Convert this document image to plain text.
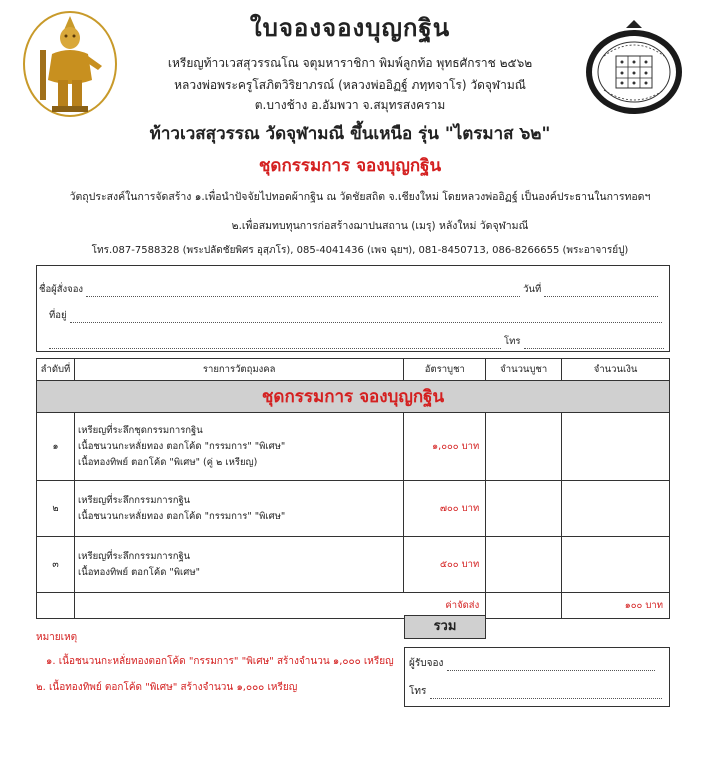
ใบจองจองบุญกฐิน
เหรียญท้าวเวสสุวรรณโณ จตุมหาราชิกา พิมพ์ลูกท้อ พุทธศักราช ๒๕๖๒
หลวงพ่อพระครูโสภิตวิริยาภรณ์ (หลวงพ่ออิฏฐ์ ภทฺทจาโร) วัดจุฬามณี
ต.บางช้าง อ.อัมพวา จ.สมุทรสงคราม
ท้าวเวสสุวรรณ วัดจุฬามณี ขึ้นเหนือ รุ่น "ไตรมาส ๖๒"
ชุดกรรมการ จองบุญกฐิน
วัตถุประสงค์ในการจัดสร้าง ๑.เพื่อนำปัจจัยไปทอดผ้ากฐิน ณ วัดชัยสถิต จ.เชียงใหม่ โดยหลวงพ่ออิฏฐ์ เป็นองค์ประธานในการทอดฯ
๒.เพื่อสมทบทุนการก่อสร้างฌาปนสถาน (เมรุ) หลังใหม่ วัดจุฬามณี
โทร.087-7588328 (พระปลัดชัยพิศร อุสฺภโร), 085-4041436 (เพจ ฉุยฯ), 081-8450713, 086-8266655 (พระอาจารย์ปู)
ชื่อผู้สั่งจอง	วันที่
ที่อยู่
โทร
ลำดับที่	รายการวัตถุมงคล	อัตราบูชา	จำนวนบูชา	จำนวนเงิน
ชุดกรรมการ จองบุญกฐิน				
๑	เหรียญที่ระลึกชุดกรรมการกฐิน
เนื้อชนวนกะหลั่ยทอง ตอกโค้ด "กรรมการ" "พิเศษ"
เนื้อทองทิพย์ ตอกโค้ด "พิเศษ" (คู่ ๒ เหรียญ)	๑,๐๐๐ บาท		
๒	เหรียญที่ระลึกกรรมการกฐิน
เนื้อชนวนกะหลั่ยทอง ตอกโค้ด "กรรมการ" "พิเศษ"	๗๐๐ บาท		
๓	เหรียญที่ระลึกกรรมการกฐิน
เนื้อทองทิพย์ ตอกโค้ด "พิเศษ"	๕๐๐ บาท		
	ค่าจัดส่ง			๑๐๐ บาท
รวม
หมายเหตุ
๑. เนื้อชนวนกะหลั่ยทองตอกโค้ด "กรรมการ" "พิเศษ" สร้างจำนวน ๑,๐๐๐ เหรียญ
๒. เนื้อทองทิพย์ ตอกโค้ด "พิเศษ" สร้างจำนวน ๑,๐๐๐ เหรียญ
ผู้รับจอง
โทร
